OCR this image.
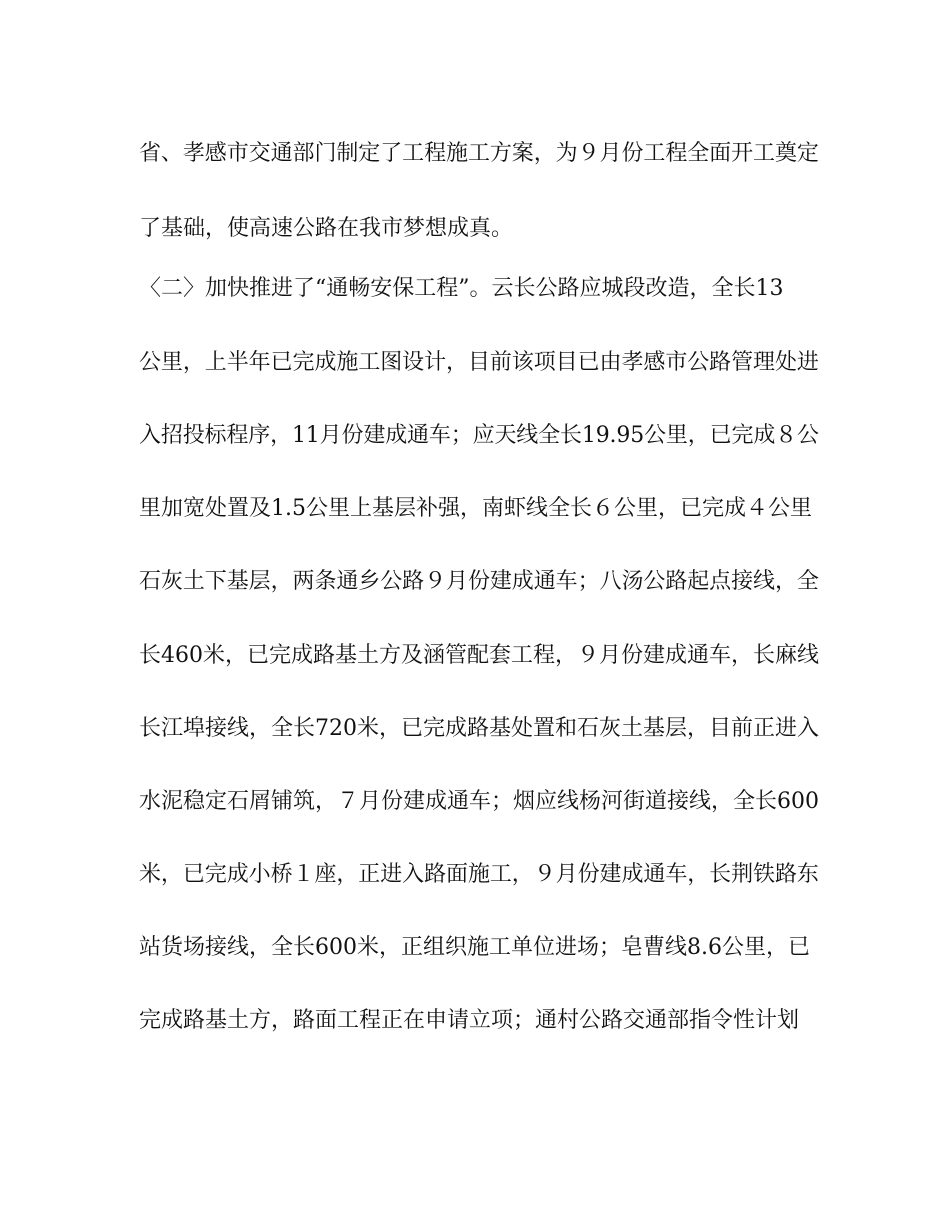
省、孝感市交通部门制定了工程施工方案，为９月份工程全面开工奠定
了基础，使高速公路在我市梦想成真。
〈二〉加快推进了“通畅安保工程”。云长公路应城段改造，全长13
公里，上半年已完成施工图设计，目前该项目已由孝感市公路管理处进
入招投标程序，11月份建成通车；应天线全长19.95公里，已完成８公
里加宽处置及1.5公里上基层补强，南虾线全长６公里，已完成４公里
石灰土下基层，两条通乡公路９月份建成通车；八汤公路起点接线，全
长460米，已完成路基土方及涵管配套工程，９月份建成通车，长麻线
长江埠接线，全长720米，已完成路基处置和石灰土基层，目前正进入
水泥稳定石屑铺筑，７月份建成通车；烟应线杨河街道接线，全长600
米，已完成小桥１座，正进入路面施工，９月份建成通车，长荆铁路东
站货场接线，全长600米，正组织施工单位进场；皂曹线8.6公里，已
完成路基土方，路面工程正在申请立项；通村公路交通部指令性计划
